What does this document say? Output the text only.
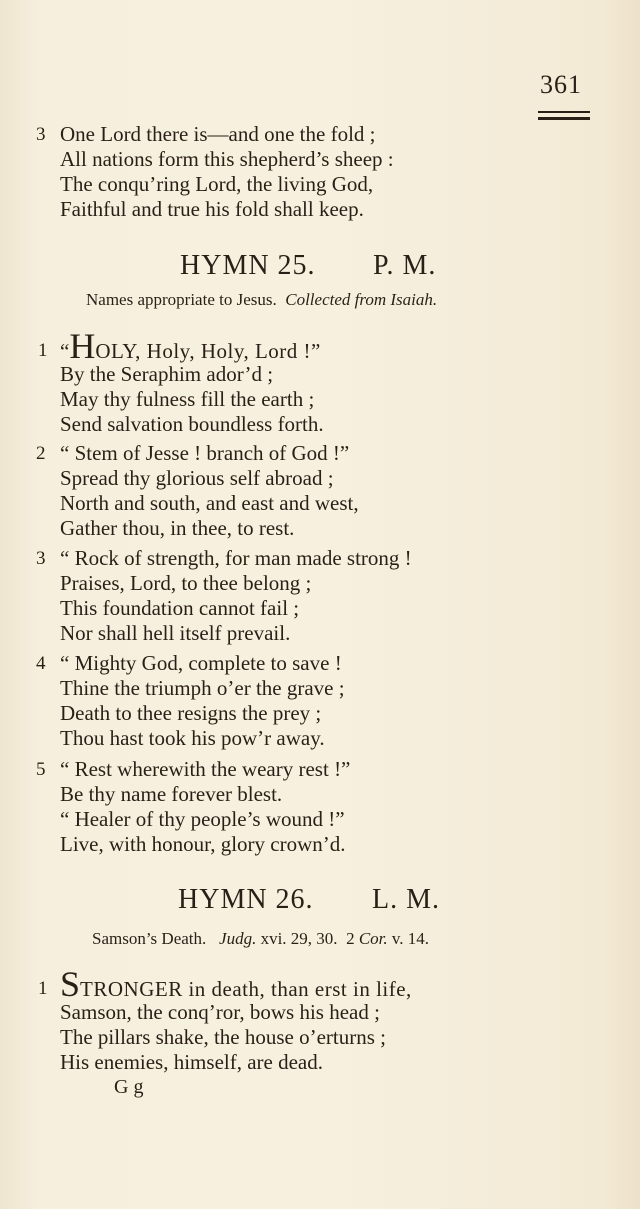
361
3 One Lord there is—and one the fold ;
All nations form this shepherd’s sheep :
The conqu’ring Lord, the living God,
Faithful and true his fold shall keep.
HYMN 25. P. M.
Names appropriate to Jesus. Collected from Isaiah.
1 “HOLY, Holy, Holy, Lord !”
By the Seraphim ador’d ;
May thy fulness fill the earth ;
Send salvation boundless forth.
2 “ Stem of Jesse ! branch of God !”
Spread thy glorious self abroad ;
North and south, and east and west,
Gather thou, in thee, to rest.
3 “ Rock of strength, for man made strong !
Praises, Lord, to thee belong ;
This foundation cannot fail ;
Nor shall hell itself prevail.
4 “ Mighty God, complete to save !
Thine the triumph o’er the grave ;
Death to thee resigns the prey ;
Thou hast took his pow’r away.
5 “ Rest wherewith the weary rest !”
Be thy name forever blest.
“ Healer of thy people’s wound !”
Live, with honour, glory crown’d.
HYMN 26. L. M.
Samson’s Death. Judg. xvi. 29, 30. 2 Cor. v. 14.
1 STRONGER in death, than erst in life,
Samson, the conq’ror, bows his head ;
The pillars shake, the house o’erturns ;
His enemies, himself, are dead.
G g
